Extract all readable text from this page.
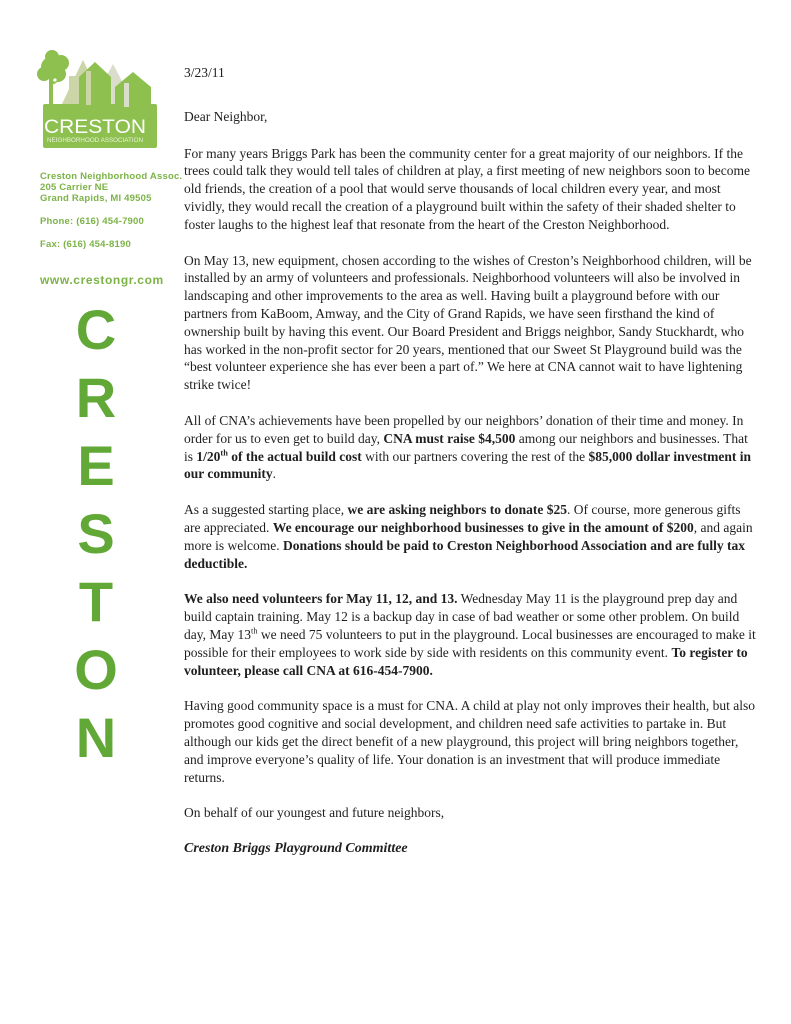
CRESTON
NEIGHBORHOOD ASSOCIATION
Creston Neighborhood Assoc.
205 Carrier NE
Grand Rapids, MI 49505
Phone: (616) 454-7900
Fax: (616) 454-8190
www.crestongr.com
C
R
E
S
T
O
N
3/23/11
Dear Neighbor,

For many years Briggs Park has been the community center for a great majority of our neighbors. If the trees could talk they would tell tales of children at play, a first meeting of new neighbors soon to become old friends, the creation of a pool that would serve thousands of local children every year, and most vividly, they would recall the creation of a playground built within the safety of their shaded shelter to foster laughs to the highest leaf that resonate from the heart of the Creston Neighborhood.

On May 13, new equipment, chosen according to the wishes of Creston’s Neighborhood children, will be installed by an army of volunteers and professionals. Neighborhood volunteers will also be involved in landscaping and other improvements to the area as well. Having built a playground before with our partners from KaBoom, Amway, and the City of Grand Rapids, we have seen firsthand the kind of ownership built by having this event. Our Board President and Briggs neighbor, Sandy Stuckhardt, who has worked in the non-profit sector for 20 years, mentioned that our Sweet St Playground build was the “best volunteer experience she has ever been a part of.” We here at CNA cannot wait to have lightening strike twice!

All of CNA’s achievements have been propelled by our neighbors’ donation of their time and money. In order for us to even get to build day, CNA must raise $4,500 among our neighbors and businesses. That is 1/20th of the actual build cost with our partners covering the rest of the $85,000 dollar investment in our community.

As a suggested starting place, we are asking neighbors to donate $25. Of course, more generous gifts are appreciated. We encourage our neighborhood businesses to give in the amount of $200, and again more is welcome. Donations should be paid to Creston Neighborhood Association and are fully tax deductible.

We also need volunteers for May 11, 12, and 13. Wednesday May 11 is the playground prep day and build captain training. May 12 is a backup day in case of bad weather or some other problem. On build day, May 13th we need 75 volunteers to put in the playground. Local businesses are encouraged to make it possible for their employees to work side by side with residents on this community event. To register to volunteer, please call CNA at 616-454-7900.

Having good community space is a must for CNA. A child at play not only improves their health, but also promotes good cognitive and social development, and children need safe activities to partake in. But although our kids get the direct benefit of a new playground, this project will bring neighbors together, and improve everyone’s quality of life. Your donation is an investment that will produce immediate returns.

On behalf of our youngest and future neighbors,

Creston Briggs Playground Committee
